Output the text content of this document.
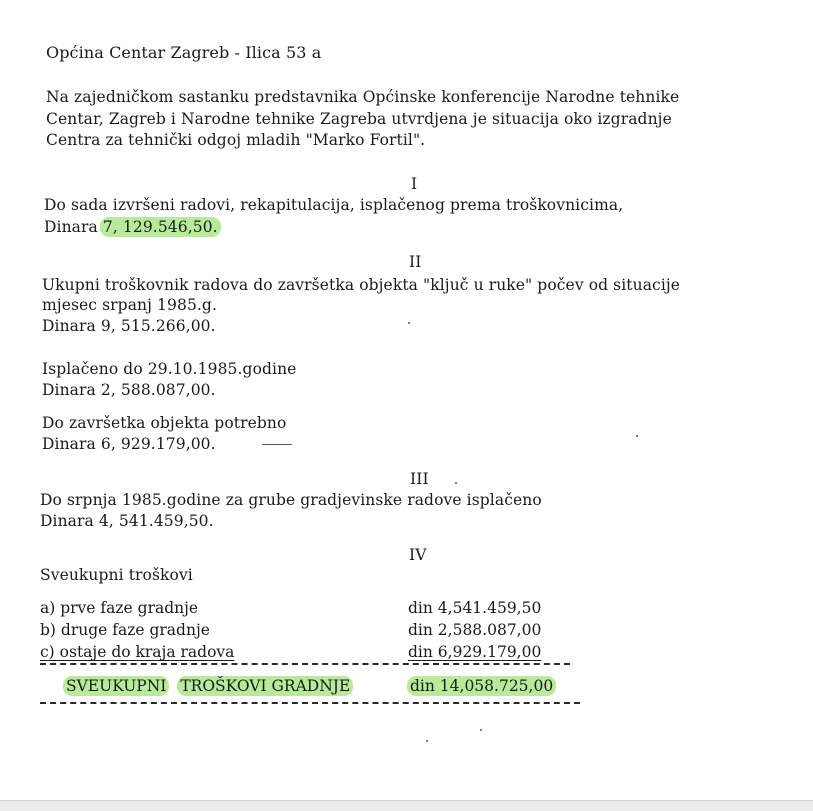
Općina Centar Zagreb - Ilica 53 a
Na zajedničkom sastanku predstavnika Općinske konferencije Narodne tehnike
Centar, Zagreb i Narodne tehnike Zagreba utvrdjena je situacija oko izgradnje
Centra za tehnički odgoj mladih "Marko Fortil".
I
Do sada izvršeni radovi, rekapitulacija, isplačenog prema troškovnicima,
Dinara 7, 129.546,50.
II
Ukupni troškovnik radova do završetka objekta "ključ u ruke" počev od situacije
mjesec srpanj 1985.g.
Dinara 9, 515.266,00.
Isplačeno do 29.10.1985.godine
Dinara 2, 588.087,00.
Do završetka objekta potrebno
Dinara 6, 929.179,00.
III
Do srpnja 1985.godine za grube gradjevinske radove isplačeno
Dinara 4, 541.459,50.
IV
Sveukupni troškovi
a) prve faze gradnje	din 4,541.459,50
b) druge faze gradnje	din 2,588.087,00
c) ostaje do kraja radova	din 6,929.179,00
SVEUKUPNI TROŠKOVI GRADNJE	din 14,058.725,00
